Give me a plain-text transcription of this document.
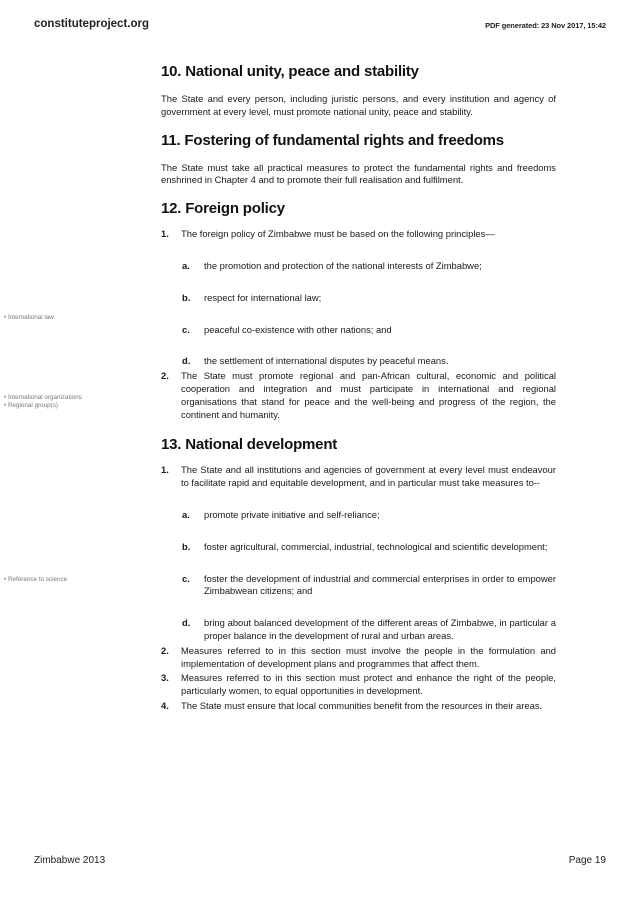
constituteproject.org	PDF generated: 23 Nov 2017, 15:42
• International law
• International organizations
• Regional group(s)
• Reference to science
10. National unity, peace and stability

The State and every person, including juristic persons, and every institution and agency of government at every level, must promote national unity, peace and stability.

11. Fostering of fundamental rights and freedoms

The State must take all practical measures to protect the fundamental rights and freedoms enshrined in Chapter 4 and to promote their full realisation and fulfilment.

12. Foreign policy
1. The foreign policy of Zimbabwe must be based on the following principles—
a. the promotion and protection of the national interests of Zimbabwe;
b. respect for international law;
c. peaceful co-existence with other nations; and
d. the settlement of international disputes by peaceful means.
2. The State must promote regional and pan-African cultural, economic and political cooperation and integration and must participate in international and regional organisations that stand for peace and the well-being and progress of the region, the continent and humanity.
13. National development
1. The State and all institutions and agencies of government at every level must endeavour to facilitate rapid and equitable development, and in particular must take measures to--
a. promote private initiative and self-reliance;
b. foster agricultural, commercial, industrial, technological and scientific development;
c. foster the development of industrial and commercial enterprises in order to empower Zimbabwean citizens; and
d. bring about balanced development of the different areas of Zimbabwe, in particular a proper balance in the development of rural and urban areas.
2. Measures referred to in this section must involve the people in the formulation and implementation of development plans and programmes that affect them.
3. Measures referred to in this section must protect and enhance the right of the people, particularly women, to equal opportunities in development.
4. The State must ensure that local communities benefit from the resources in their areas.
Zimbabwe 2013	Page 19
